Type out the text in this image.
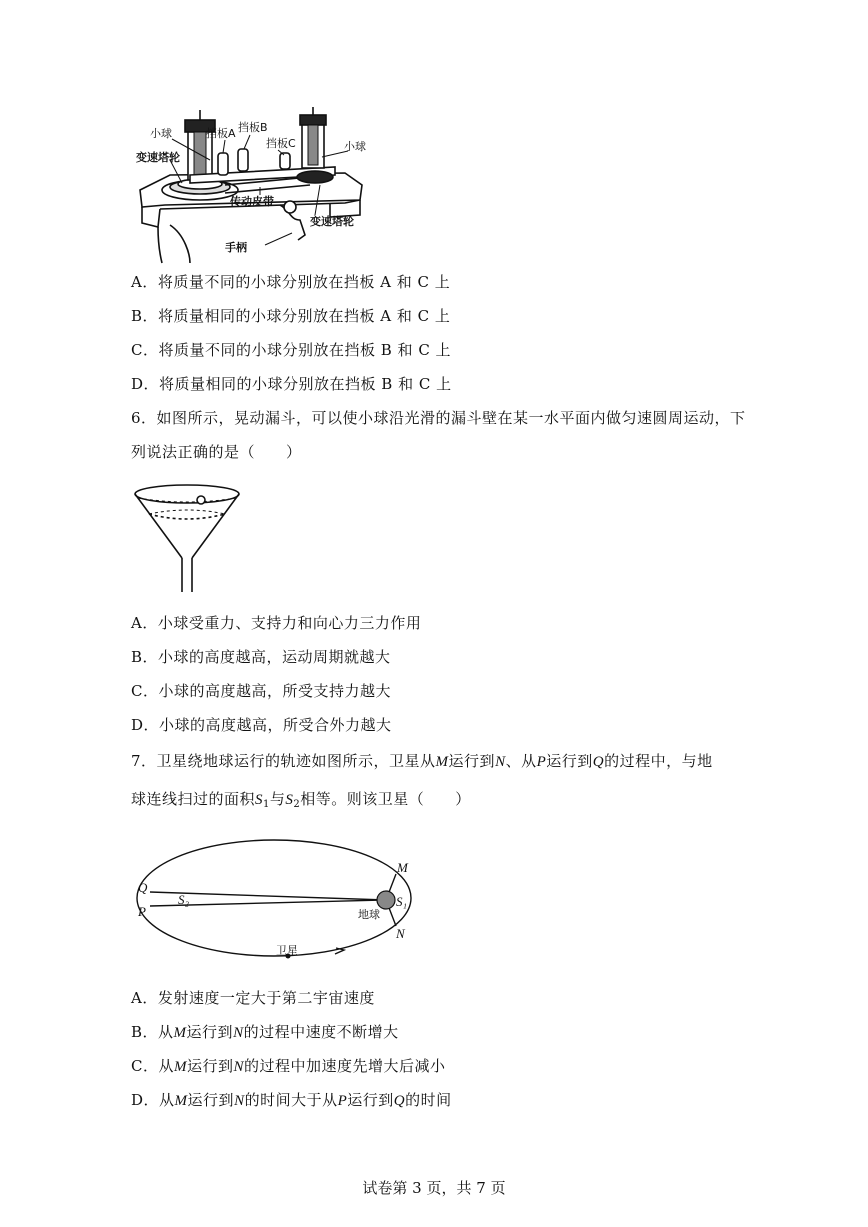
小球	挡板A 挡板B
挡板C	小球
变速塔轮
传动皮带
变速塔轮
手柄
A．将质量不同的小球分别放在挡板 A 和 C 上
B．将质量相同的小球分别放在挡板 A 和 C 上
C．将质量不同的小球分别放在挡板 B 和 C 上
D．将质量相同的小球分别放在挡板 B 和 C 上
6．如图所示，晃动漏斗，可以使小球沿光滑的漏斗壁在某一水平面内做匀速圆周运动，下
列说法正确的是（　　）
A．小球受重力、支持力和向心力三力作用
B．小球的高度越高，运动周期就越大
C．小球的高度越高，所受支持力越大
D．小球的高度越高，所受合外力越大
7．卫星绕地球运行的轨迹如图所示，卫星从M运行到N、从P运行到Q的过程中，与地
球连线扫过的面积$S_1$与$S_2$相等。则该卫星（　　）
Q
P
S₂	S₁
M
N
地球
卫星
A．发射速度一定大于第二宇宙速度
B．从M运行到N的过程中速度不断增大
C．从M运行到N的过程中加速度先增大后减小
D．从M运行到N的时间大于从P运行到Q的时间
试卷第 3 页，共 7 页
